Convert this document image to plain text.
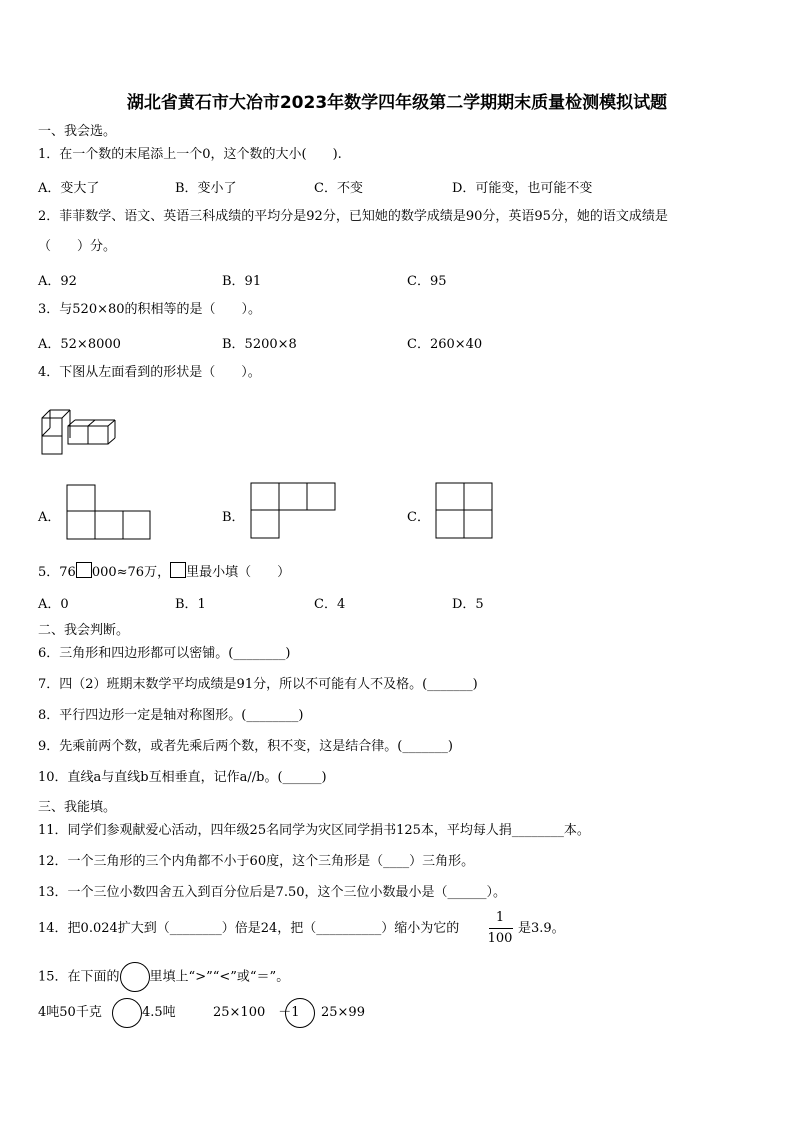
湖北省黄石市大冶市2023年数学四年级第二学期期末质量检测模拟试题
一、我会选。
1．在一个数的末尾添上一个0，这个数的大小(　　).
A．变大了	B．变小了	C．不变	D．可能变，也可能不变
2．菲菲数学、语文、英语三科成绩的平均分是92分，已知她的数学成绩是90分，英语95分，她的语文成绩是
（　　）分。
A．92	B．91	C．95
3．与520×80的积相等的是（　　）。
A．52×8000	B．5200×8	C．260×40
4．下图从左面看到的形状是（　　）。
A．	B．	C．
5．76 000≈76万， 里最小填（　　）
A．0	B．1	C．4	D．5
二、我会判断。
6．三角形和四边形都可以密铺。(________)
7．四（2）班期末数学平均成绩是91分，所以不可能有人不及格。(_______)
8．平行四边形一定是轴对称图形。(________)
9．先乘前两个数，或者先乘后两个数，积不变，这是结合律。(_______)
10．直线a与直线b互相垂直，记作a//b。(______)
三、我能填。
11．同学们参观献爱心活动，四年级25名同学为灾区同学捐书125本，平均每人捐________本。
12．一个三角形的三个内角都不小于60度，这个三角形是（____）三角形。
13．一个三位小数四舍五入到百分位后是7.50，这个三位小数最小是（______）。
14．把0.024扩大到（________）倍是24，把（__________）缩小为它的
1
100
是3.9。
15．在下面的 里填上“>”“<”或“＝”。
4吨50千克	4.5吨	25×100　－1 25×99
